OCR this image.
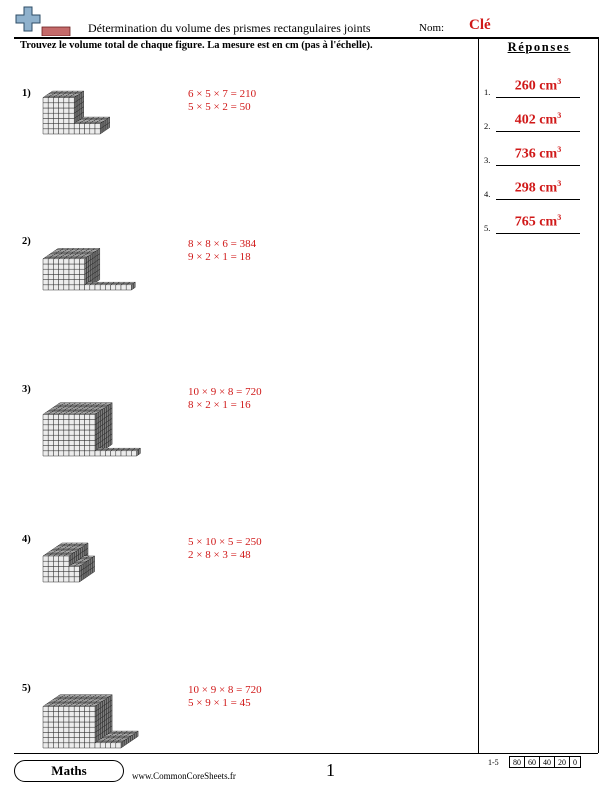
Détermination du volume des prismes rectangulaires joints	Nom: Clé
Trouvez le volume total de chaque figure. La mesure est en cm (pas à l'échelle).	Réponses
1.	260 $cm^3$
2.	402 $cm^3$
3.	736 $cm^3$
4.	298 $cm^3$
5.	765 $cm^3$
1)	6 × 5 × 7 = 210
5 × 5 × 2 = 50
2)	8 × 8 × 6 = 384
9 × 2 × 1 = 18
3)	10 × 9 × 8 = 720
8 × 2 × 1 = 16
4)	5 × 10 × 5 = 250
2 × 8 × 3 = 48
5)	10 × 9 × 8 = 720
5 × 9 × 1 = 45
Maths	www.CommonCoreSheets.fr	1	1-5 80	60	40	20	0
